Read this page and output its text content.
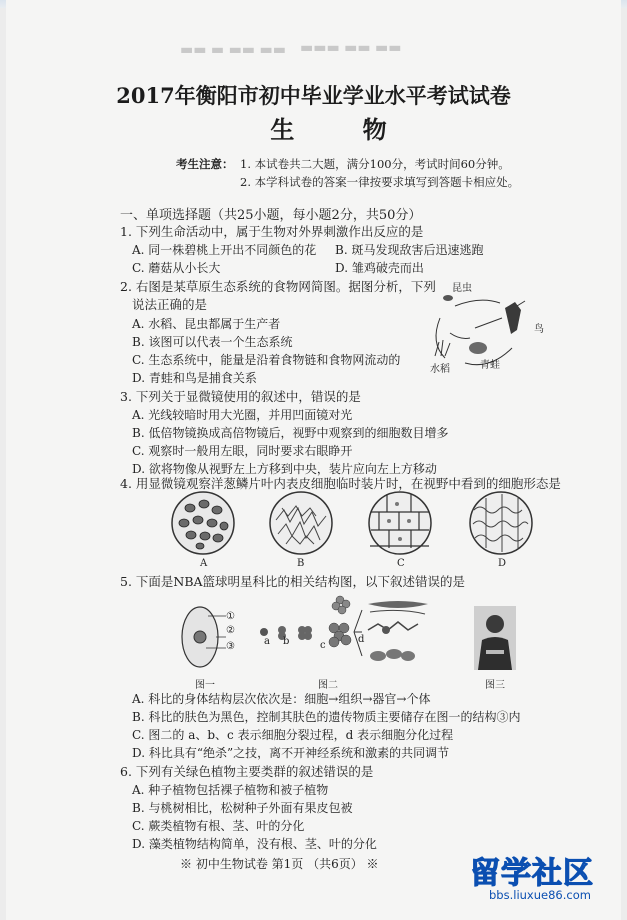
▬▬ ▬ ▬▬ ▬▬ ▬▬▬ ▬▬ ▬▬
2017年衡阳市初中毕业学业水平考试试卷
生 物
考生注意： 1. 本试卷共二大题，满分100分，考试时间60分钟。
2. 本学科试卷的答案一律按要求填写到答题卡相应处。
一、单项选择题（共25小题，每小题2分，共50分）
1. 下列生命活动中，属于生物对外界刺激作出反应的是
A. 同一株碧桃上开出不同颜色的花 B. 斑马发现敌害后迅速逃跑
C. 蘑菇从小长大	D. 雏鸡破壳而出
2. 右图是某草原生态系统的食物网简图。据图分析，下列
说法正确的是
A. 水稻、昆虫都属于生产者
B. 该图可以代表一个生态系统
C. 生态系统中，能量是沿着食物链和食物网流动的
D. 青蛙和鸟是捕食关系
昆虫
鸟
水稻	青蛙
3. 下列关于显微镜使用的叙述中，错误的是
A. 光线较暗时用大光圈，并用凹面镜对光
B. 低倍物镜换成高倍物镜后，视野中观察到的细胞数目增多
C. 观察时一般用左眼，同时要求右眼睁开
D. 欲将物像从视野左上方移到中央，装片应向左上方移动
4. 用显微镜观察洋葱鳞片叶内表皮细胞临时装片时，在视野中看到的细胞形态是
A	B	C	D
5. 下面是NBA篮球明星科比的相关结构图，以下叙述错误的是
①
②
③	a b	c
d
图一	图二	图三
A. 科比的身体结构层次依次是：细胞→组织→器官→个体
B. 科比的肤色为黑色，控制其肤色的遗传物质主要储存在图一的结构③内
C. 图二的 a、b、c 表示细胞分裂过程，d 表示细胞分化过程
D. 科比具有“绝杀”之技，离不开神经系统和激素的共同调节
6. 下列有关绿色植物主要类群的叙述错误的是
A. 种子植物包括裸子植物和被子植物
B. 与桃树相比，松树种子外面有果皮包被
C. 蕨类植物有根、茎、叶的分化
D. 藻类植物结构简单，没有根、茎、叶的分化
※ 初中生物试卷 第1页 （共6页） ※	留学社区
bbs.liuxue86.com
